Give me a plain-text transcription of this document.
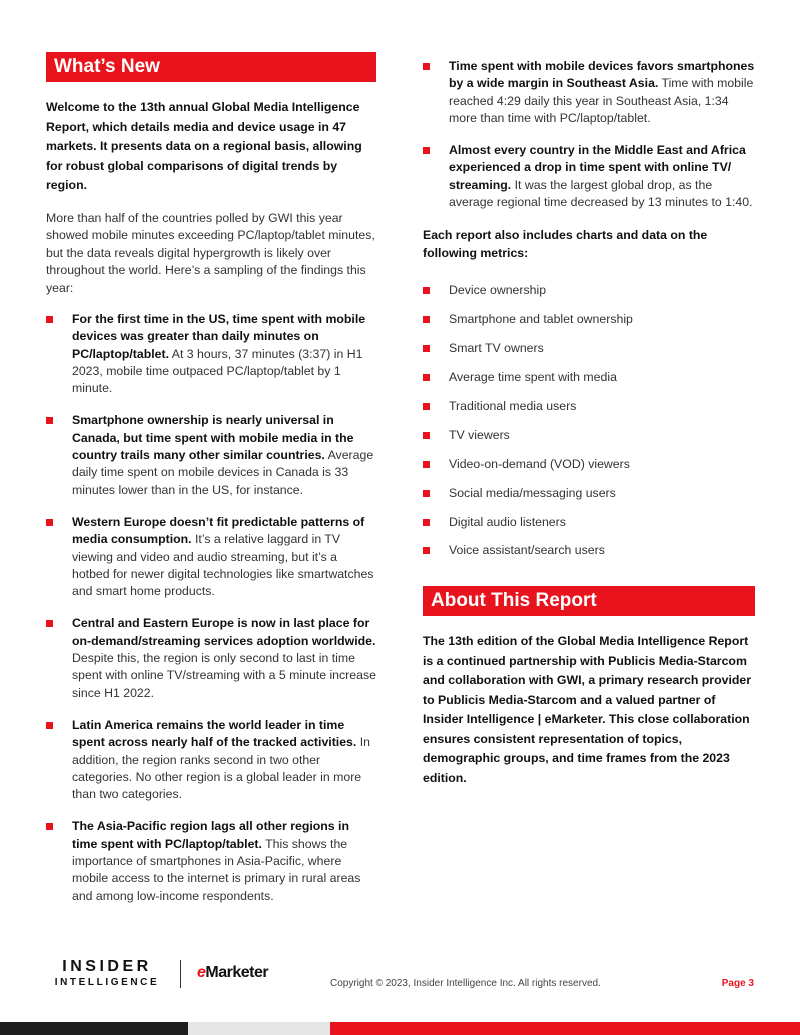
What’s New

Welcome to the 13th annual Global Media Intelligence Report, which details media and device usage in 47 markets. It presents data on a regional basis, allowing for robust global comparisons of digital trends by region.

More than half of the countries polled by GWI this year showed mobile minutes exceeding PC/laptop/tablet minutes, but the data reveals digital hypergrowth is likely over throughout the world. Here’s a sampling of the findings this year:

For the first time in the US, time spent with mobile devices was greater than daily minutes on PC/laptop/tablet. At 3 hours, 37 minutes (3:37) in H1 2023, mobile time outpaced PC/laptop/tablet by 1 minute.
Smartphone ownership is nearly universal in Canada, but time spent with mobile media in the country trails many other similar countries. Average daily time spent on mobile devices in Canada is 33 minutes lower than in the US, for instance.
Western Europe doesn’t fit predictable patterns of media consumption. It’s a relative laggard in TV viewing and video and audio streaming, but it’s a hotbed for newer digital technologies like smartwatches and smart home products.
Central and Eastern Europe is now in last place for on-demand/streaming services adoption worldwide. Despite this, the region is only second to last in time spent with online TV/streaming with a 5 minute increase since H1 2022.
Latin America remains the world leader in time spent across nearly half of the tracked activities. In addition, the region ranks second in two other categories. No other region is a global leader in more than two categories.
The Asia-Pacific region lags all other regions in time spent with PC/laptop/tablet. This shows the importance of smartphones in Asia-Pacific, where mobile access to the internet is primary in rural areas and among low-income respondents.
Time spent with mobile devices favors smartphones by a wide margin in Southeast Asia. Time with mobile reached 4:29 daily this year in Southeast Asia, 1:34 more than time with PC/laptop/tablet.
Almost every country in the Middle East and Africa experienced a drop in time spent with online TV/ streaming. It was the largest global drop, as the average regional time decreased by 13 minutes to 1:40.

Each report also includes charts and data on the following metrics:

Device ownership
Smartphone and tablet ownership
Smart TV owners
Average time spent with media
Traditional media users
TV viewers
Video-on-demand (VOD) viewers
Social media/messaging users
Digital audio listeners
Voice assistant/search users
About This Report

The 13th edition of the Global Media Intelligence Report is a continued partnership with Publicis Media-Starcom and collaboration with GWI, a primary research provider to Publicis Media-Starcom and a valued partner of Insider Intelligence | eMarketer. This close collaboration ensures consistent representation of topics, demographic groups, and time frames from the 2023 edition.

INSIDER
INTELLIGENCE
eMarketer
Copyright © 2023, Insider Intelligence Inc. All rights reserved.	Page 3
